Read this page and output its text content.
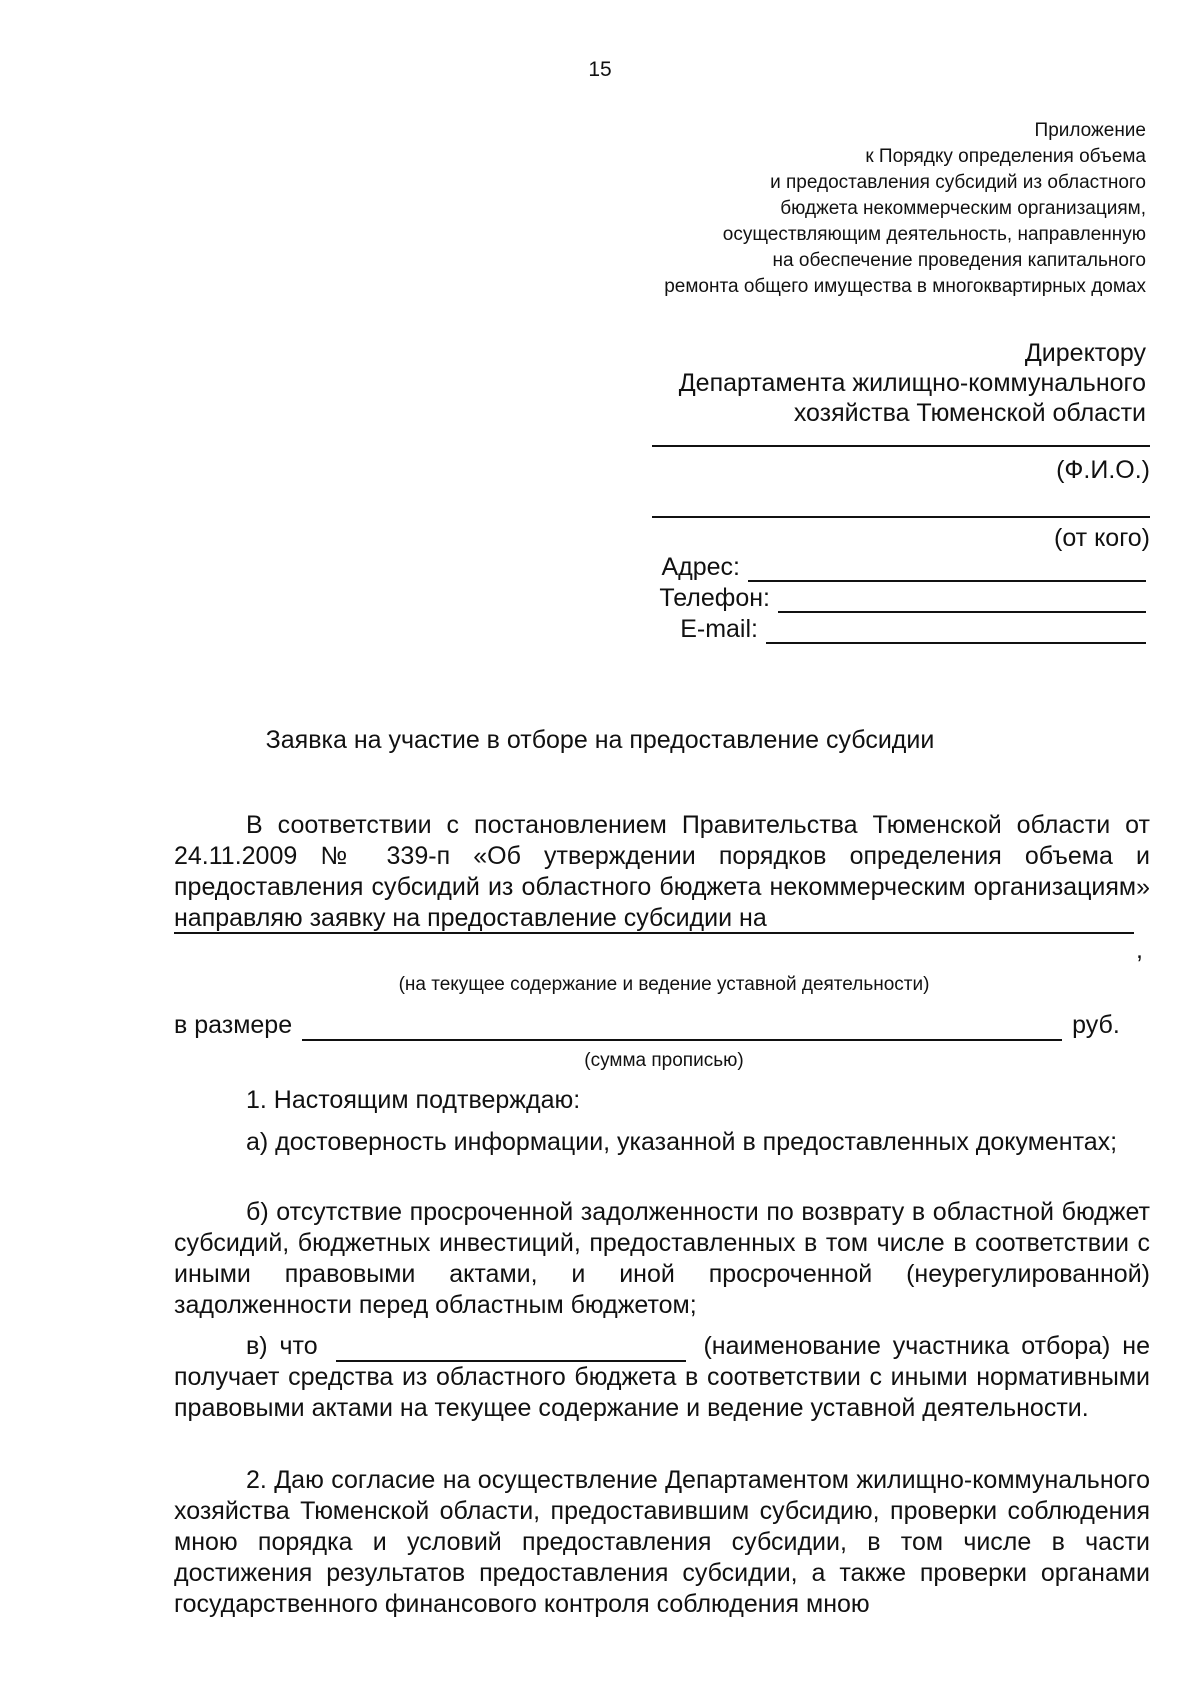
15
Приложение
к Порядку определения объема
и предоставления субсидий из областного
бюджета некоммерческим организациям,
осуществляющим деятельность, направленную
на обеспечение проведения капитального
ремонта общего имущества в многоквартирных домах
Директору
Департамента жилищно-коммунального
хозяйства Тюменской области
(Ф.И.О.)
(от кого)
Адрес:
Телефон:
E-mail:
Заявка на участие в отборе на предоставление субсидии
В соответствии с постановлением Правительства Тюменской области от 24.11.2009 № 339-п «Об утверждении порядков определения объема и предоставления субсидий из областного бюджета некоммерческим организациям» направляю заявку на предоставление субсидии на
,
(на текущее содержание и ведение уставной деятельности)
в размере	руб.
(сумма прописью)
1. Настоящим подтверждаю:
а) достоверность информации, указанной в предоставленных документах;
б) отсутствие просроченной задолженности по возврату в областной бюджет субсидий, бюджетных инвестиций, предоставленных в том числе в соответствии с иными правовыми актами, и иной просроченной (неурегулированной) задолженности перед областным бюджетом;
в) что	(наименование участника отбора) не получает средства из областного бюджета в соответствии с иными нормативными правовыми актами на текущее содержание и ведение уставной деятельности.
2. Даю согласие на осуществление Департаментом жилищно-коммунального хозяйства Тюменской области, предоставившим субсидию, проверки соблюдения мною порядка и условий предоставления субсидии, в том числе в части достижения результатов предоставления субсидии, а также проверки органами государственного финансового контроля соблюдения мною
